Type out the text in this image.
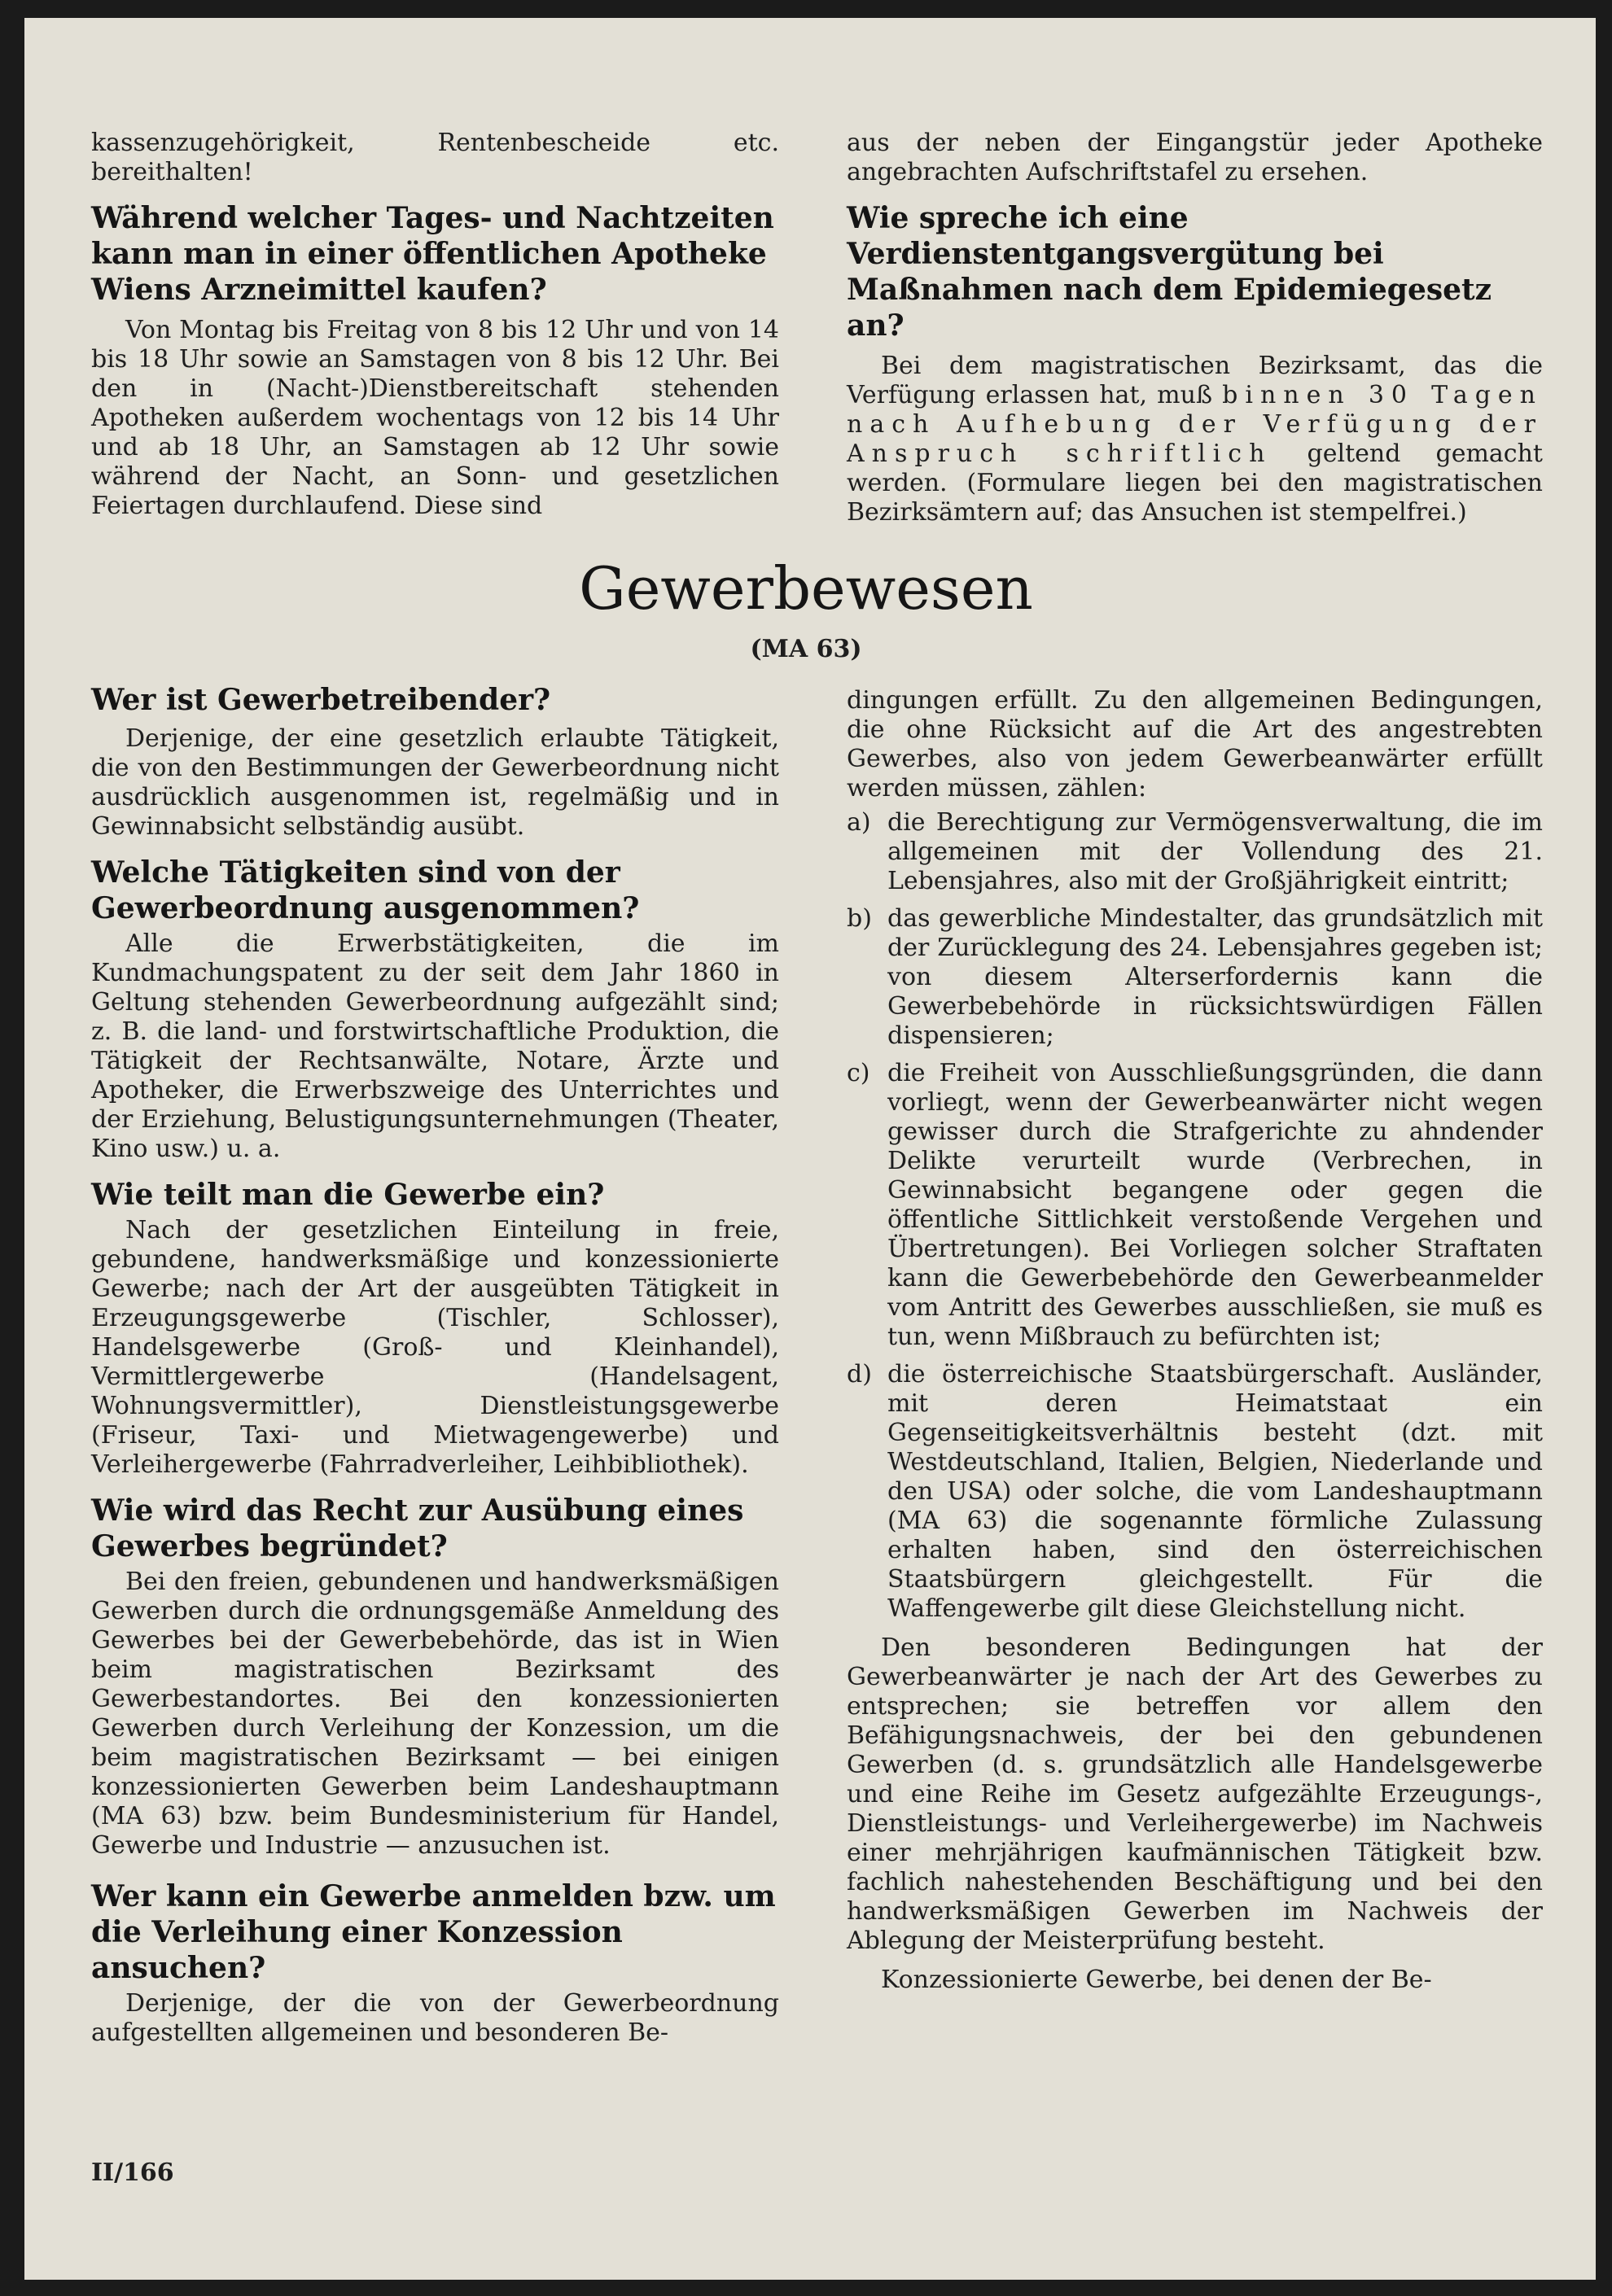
kassenzugehörigkeit, Rentenbescheide etc. bereithalten!

Während welcher Tages- und Nachtzeiten kann man in einer öffentlichen Apotheke Wiens Arzneimittel kaufen?

Von Montag bis Freitag von 8 bis 12 Uhr und von 14 bis 18 Uhr sowie an Samstagen von 8 bis 12 Uhr. Bei den in (Nacht-)Dienstbereitschaft stehenden Apotheken außerdem wochentags von 12 bis 14 Uhr und ab 18 Uhr, an Samstagen ab 12 Uhr sowie während der Nacht, an Sonn- und gesetzlichen Feiertagen durchlaufend. Diese sind

aus der neben der Eingangstür jeder Apotheke angebrachten Aufschriftstafel zu ersehen.

Wie spreche ich eine Verdienstentgangsvergütung bei Maßnahmen nach dem Epidemiegesetz an?

Bei dem magistratischen Bezirksamt, das die Verfügung erlassen hat, muß binnen 30 Tagen nach Aufhebung der Verfügung der Anspruch schriftlich geltend gemacht werden. (Formulare liegen bei den magistratischen Bezirksämtern auf; das Ansuchen ist stempelfrei.)

Gewerbewesen
(MA 63)
Wer ist Gewerbetreibender?

Derjenige, der eine gesetzlich erlaubte Tätigkeit, die von den Bestimmungen der Gewerbeordnung nicht ausdrücklich ausgenommen ist, regelmäßig und in Gewinnabsicht selbständig ausübt.

Welche Tätigkeiten sind von der Gewerbeordnung ausgenommen?

Alle die Erwerbstätigkeiten, die im Kundmachungspatent zu der seit dem Jahr 1860 in Geltung stehenden Gewerbeordnung aufgezählt sind; z. B. die land- und forstwirtschaftliche Produktion, die Tätigkeit der Rechtsanwälte, Notare, Ärzte und Apotheker, die Erwerbszweige des Unterrichtes und der Erziehung, Belustigungsunternehmungen (Theater, Kino usw.) u. a.

Wie teilt man die Gewerbe ein?

Nach der gesetzlichen Einteilung in freie, gebundene, handwerksmäßige und konzessionierte Gewerbe; nach der Art der ausgeübten Tätigkeit in Erzeugungsgewerbe (Tischler, Schlosser), Handelsgewerbe (Groß- und Kleinhandel), Vermittlergewerbe (Handelsagent, Wohnungsvermittler), Dienstleistungsgewerbe (Friseur, Taxi- und Mietwagengewerbe) und Verleihergewerbe (Fahrradverleiher, Leihbibliothek).

Wie wird das Recht zur Ausübung eines Gewerbes begründet?

Bei den freien, gebundenen und handwerksmäßigen Gewerben durch die ordnungsgemäße Anmeldung des Gewerbes bei der Gewerbebehörde, das ist in Wien beim magistratischen Bezirksamt des Gewerbestandortes. Bei den konzessionierten Gewerben durch Verleihung der Konzession, um die beim magistratischen Bezirksamt — bei einigen konzessionierten Gewerben beim Landeshauptmann (MA 63) bzw. beim Bundesministerium für Handel, Gewerbe und Industrie — anzusuchen ist.

Wer kann ein Gewerbe anmelden bzw. um die Verleihung einer Konzession ansuchen?

Derjenige, der die von der Gewerbeordnung aufgestellten allgemeinen und besonderen Be-

dingungen erfüllt. Zu den allgemeinen Bedingungen, die ohne Rücksicht auf die Art des angestrebten Gewerbes, also von jedem Gewerbeanwärter erfüllt werden müssen, zählen:

a) die Berechtigung zur Vermögensverwaltung, die im allgemeinen mit der Vollendung des 21. Lebensjahres, also mit der Großjährigkeit eintritt;
b) das gewerbliche Mindestalter, das grundsätzlich mit der Zurücklegung des 24. Lebensjahres gegeben ist; von diesem Alterserfordernis kann die Gewerbebehörde in rücksichtswürdigen Fällen dispensieren;
c) die Freiheit von Ausschließungsgründen, die dann vorliegt, wenn der Gewerbeanwärter nicht wegen gewisser durch die Strafgerichte zu ahndender Delikte verurteilt wurde (Verbrechen, in Gewinnabsicht begangene oder gegen die öffentliche Sittlichkeit verstoßende Vergehen und Übertretungen). Bei Vorliegen solcher Straftaten kann die Gewerbebehörde den Gewerbeanmelder vom Antritt des Gewerbes ausschließen, sie muß es tun, wenn Mißbrauch zu befürchten ist;
d) die österreichische Staatsbürgerschaft. Ausländer, mit deren Heimatstaat ein Gegenseitigkeitsverhältnis besteht (dzt. mit Westdeutschland, Italien, Belgien, Niederlande und den USA) oder solche, die vom Landeshauptmann (MA 63) die sogenannte förmliche Zulassung erhalten haben, sind den österreichischen Staatsbürgern gleichgestellt. Für die Waffengewerbe gilt diese Gleichstellung nicht.

Den besonderen Bedingungen hat der Gewerbeanwärter je nach der Art des Gewerbes zu entsprechen; sie betreffen vor allem den Befähigungsnachweis, der bei den gebundenen Gewerben (d. s. grundsätzlich alle Handelsgewerbe und eine Reihe im Gesetz aufgezählte Erzeugungs-, Dienstleistungs- und Verleihergewerbe) im Nachweis einer mehrjährigen kaufmännischen Tätigkeit bzw. fachlich nahestehenden Beschäftigung und bei den handwerksmäßigen Gewerben im Nachweis der Ablegung der Meisterprüfung besteht.

Konzessionierte Gewerbe, bei denen der Be-

II/166
